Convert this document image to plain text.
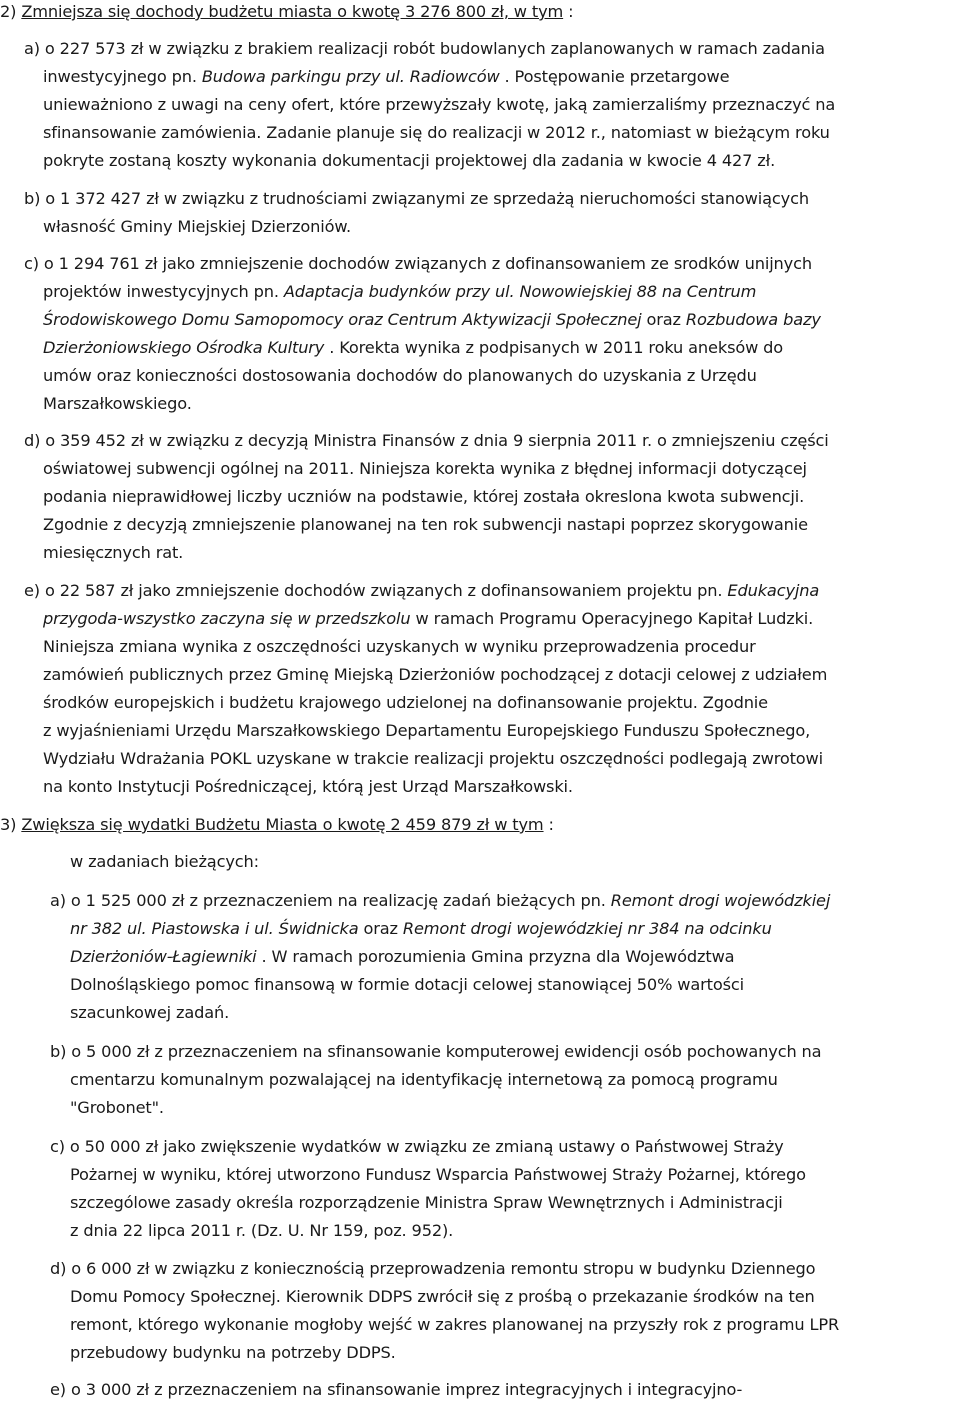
2) Zmniejsza się dochody budżetu miasta o kwotę 3 276 800 zł, w tym :
a) o 227 573 zł w związku z brakiem realizacji robót budowlanych zaplanowanych w ramach zadania
inwestycyjnego pn. Budowa parkingu przy ul. Radiowców . Postępowanie przetargowe
unieważniono z uwagi na ceny ofert, które przewyższały kwotę, jaką zamierzaliśmy przeznaczyć na
sfinansowanie zamówienia. Zadanie planuje się do realizacji w 2012 r., natomiast w bieżącym roku
pokryte zostaną koszty wykonania dokumentacji projektowej dla zadania w kwocie 4 427 zł.
b) o 1 372 427 zł w związku z trudnościami związanymi ze sprzedażą nieruchomości stanowiących
własność Gminy Miejskiej Dzierzoniów.
c) o 1 294 761 zł jako zmniejszenie dochodów związanych z dofinansowaniem ze srodków unijnych
projektów inwestycyjnych pn. Adaptacja budynków przy ul. Nowowiejskiej 88 na Centrum
Środowiskowego Domu Samopomocy oraz Centrum Aktywizacji Społecznej oraz Rozbudowa bazy
Dzierżoniowskiego Ośrodka Kultury . Korekta wynika z podpisanych w 2011 roku aneksów do
umów oraz konieczności dostosowania dochodów do planowanych do uzyskania z Urzędu
Marszałkowskiego.
d) o 359 452 zł w związku z decyzją Ministra Finansów z dnia 9 sierpnia 2011 r. o zmniejszeniu części
oświatowej subwencji ogólnej na 2011. Niniejsza korekta wynika z błędnej informacji dotyczącej
podania nieprawidłowej liczby uczniów na podstawie, której została okreslona kwota subwencji.
Zgodnie z decyzją zmniejszenie planowanej na ten rok subwencji nastapi poprzez skorygowanie
miesięcznych rat.
e) o 22 587 zł jako zmniejszenie dochodów związanych z dofinansowaniem projektu pn. Edukacyjna
przygoda-wszystko zaczyna się w przedszkolu w ramach Programu Operacyjnego Kapitał Ludzki.
Niniejsza zmiana wynika z oszczędności uzyskanych w wyniku przeprowadzenia procedur
zamówień publicznych przez Gminę Miejską Dzierżoniów pochodzącej z dotacji celowej z udziałem
środków europejskich i budżetu krajowego udzielonej na dofinansowanie projektu. Zgodnie
z wyjaśnieniami Urzędu Marszałkowskiego Departamentu Europejskiego Funduszu Społecznego,
Wydziału Wdrażania POKL uzyskane w trakcie realizacji projektu oszczędności podlegają zwrotowi
na konto Instytucji Pośredniczącej, którą jest Urząd Marszałkowski.
3) Zwiększa się wydatki Budżetu Miasta o kwotę 2 459 879 zł w tym :
w zadaniach bieżących:
a) o 1 525 000 zł z przeznaczeniem na realizację zadań bieżących pn. Remont drogi wojewódzkiej
nr 382 ul. Piastowska i ul. Świdnicka oraz Remont drogi wojewódzkiej nr 384 na odcinku
Dzierżoniów-Łagiewniki . W ramach porozumienia Gmina przyzna dla Województwa
Dolnośląskiego pomoc finansową w formie dotacji celowej stanowiącej 50% wartości
szacunkowej zadań.
b) o 5 000 zł z przeznaczeniem na sfinansowanie komputerowej ewidencji osób pochowanych na
cmentarzu komunalnym pozwalającej na identyfikację internetową za pomocą programu
"Grobonet".
c) o 50 000 zł jako zwiększenie wydatków w związku ze zmianą ustawy o Państwowej Straży
Pożarnej w wyniku, której utworzono Fundusz Wsparcia Państwowej Straży Pożarnej, którego
szczególowe zasady określa rozporządzenie Ministra Spraw Wewnętrznych i Administracji
z dnia 22 lipca 2011 r. (Dz. U. Nr 159, poz. 952).
d) o 6 000 zł w związku z koniecznością przeprowadzenia remontu stropu w budynku Dziennego
Domu Pomocy Społecznej. Kierownik DDPS zwrócił się z prośbą o przekazanie środków na ten
remont, którego wykonanie mogłoby wejść w zakres planowanej na przyszły rok z programu LPR
przebudowy budynku na potrzeby DDPS.
e) o 3 000 zł z przeznaczeniem na sfinansowanie imprez integracyjnych i integracyjno-
